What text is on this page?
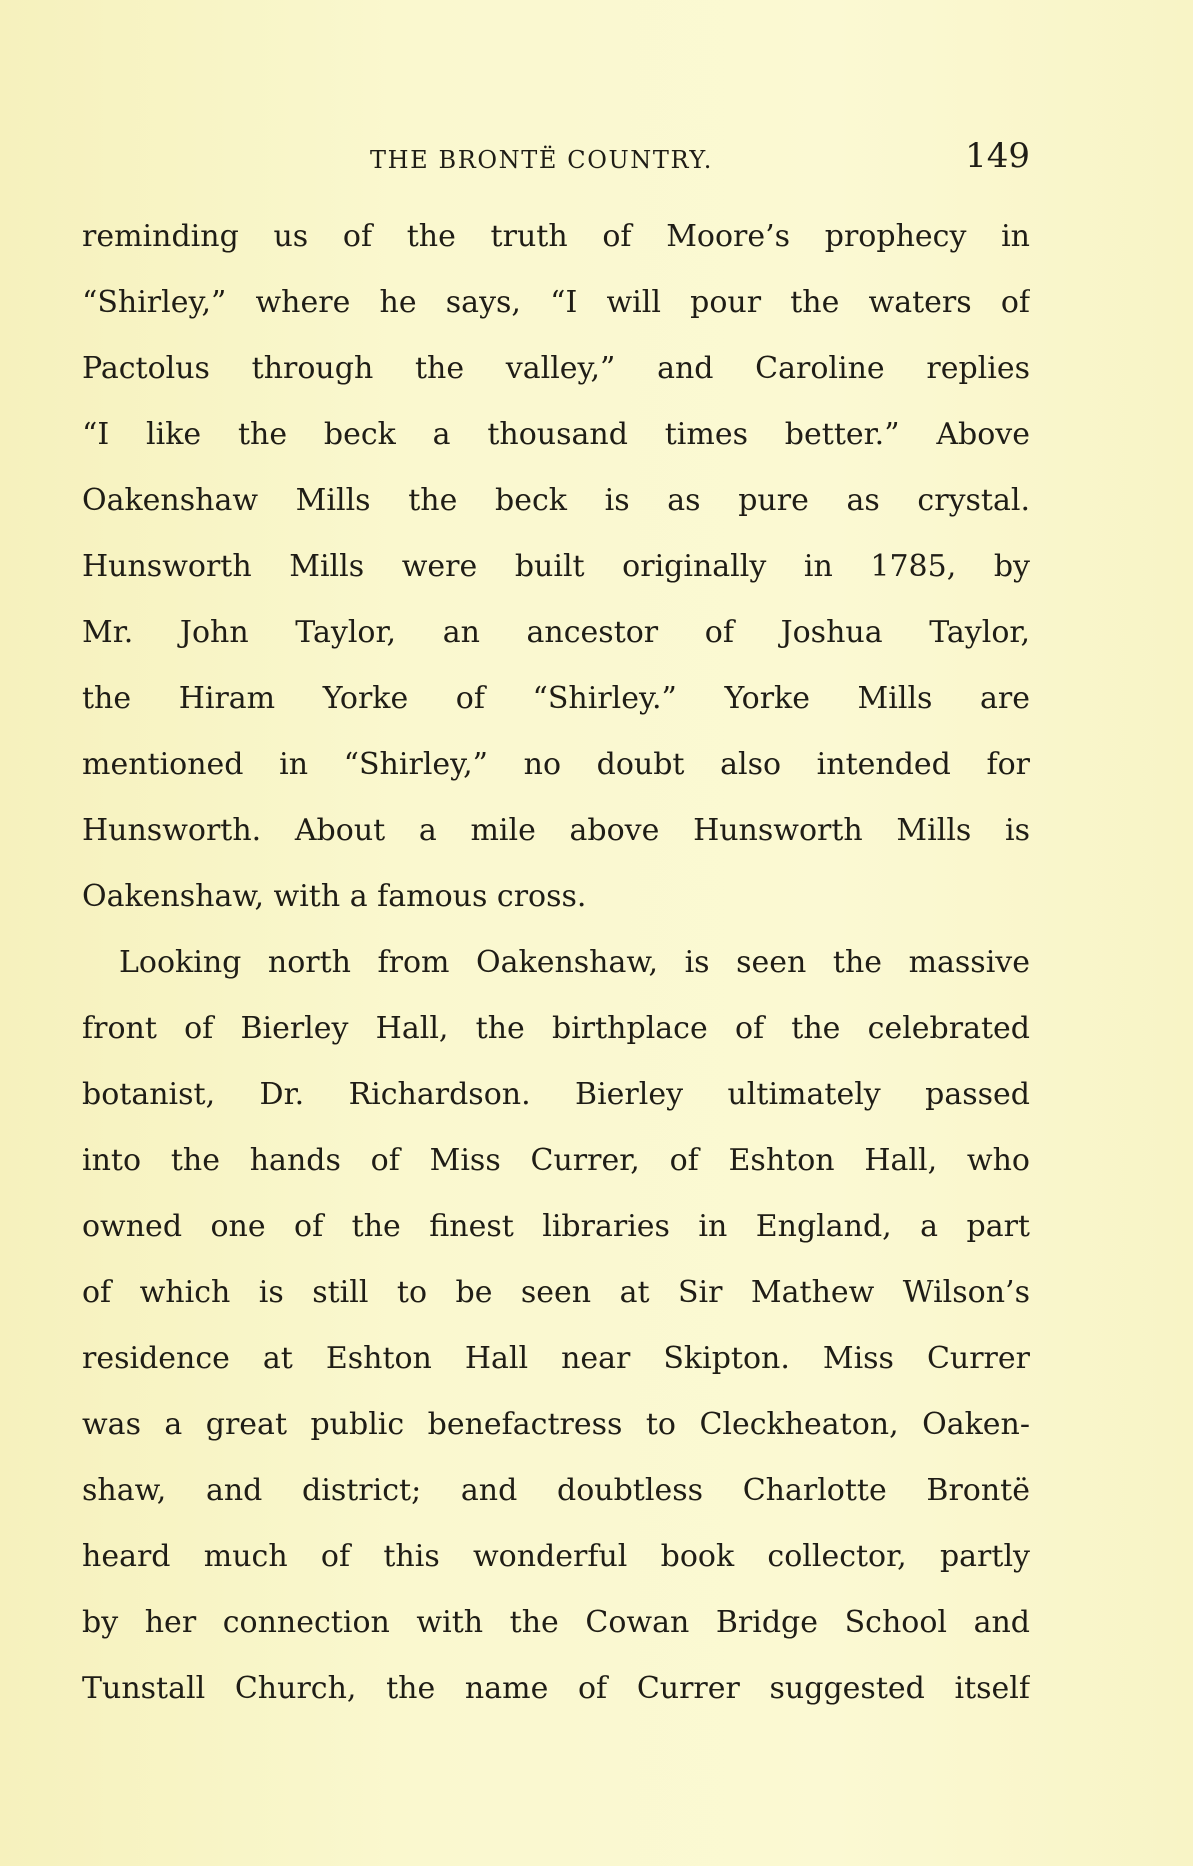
THE BRONTË COUNTRY.	149
reminding us of the truth of Moore’s prophecy in
“Shirley,” where he says, “I will pour the waters of
Pactolus through the valley,” and Caroline replies
“I like the beck a thousand times better.” Above
Oakenshaw Mills the beck is as pure as crystal.
Hunsworth Mills were built originally in 1785, by
Mr. John Taylor, an ancestor of Joshua Taylor,
the Hiram Yorke of “Shirley.” Yorke Mills are
mentioned in “Shirley,” no doubt also intended for
Hunsworth. About a mile above Hunsworth Mills is
Oakenshaw, with a famous cross.
Looking north from Oakenshaw, is seen the massive
front of Bierley Hall, the birthplace of the celebrated
botanist, Dr. Richardson. Bierley ultimately passed
into the hands of Miss Currer, of Eshton Hall, who
owned one of the finest libraries in England, a part
of which is still to be seen at Sir Mathew Wilson’s
residence at Eshton Hall near Skipton. Miss Currer
was a great public benefactress to Cleckheaton, Oaken-
shaw, and district; and doubtless Charlotte Brontë
heard much of this wonderful book collector, partly
by her connection with the Cowan Bridge School and
Tunstall Church, the name of Currer suggested itself
